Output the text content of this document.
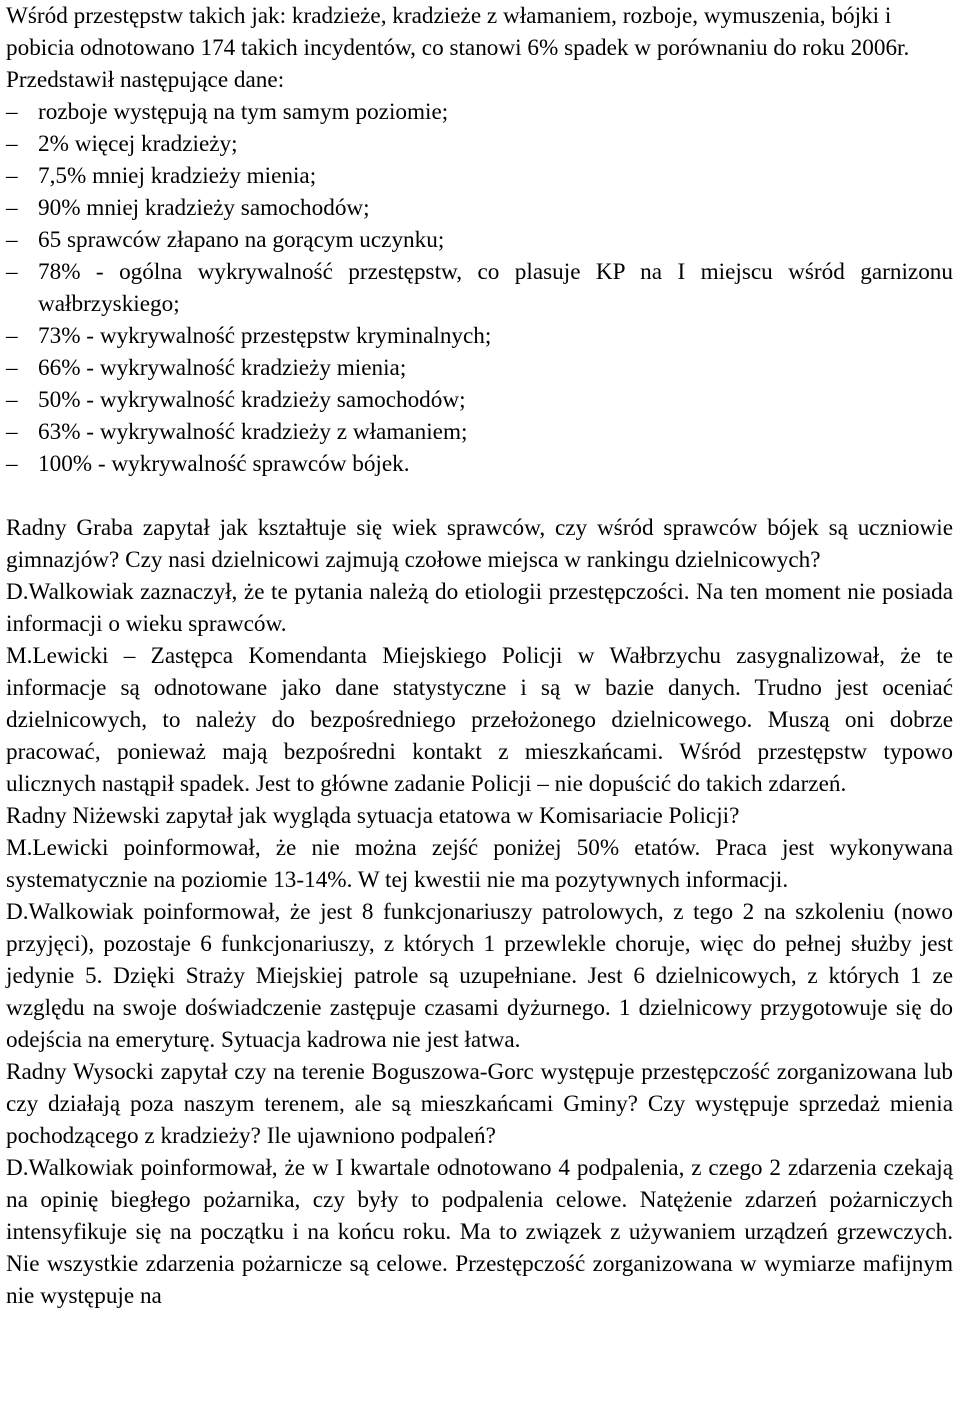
Wśród przestępstw takich jak: kradzieże, kradzieże z włamaniem, rozboje, wymuszenia, bójki i pobicia odnotowano 174 takich incydentów, co stanowi 6% spadek w porównaniu do roku 2006r. Przedstawił następujące dane:

– rozboje występują na tym samym poziomie;
– 2% więcej kradzieży;
– 7,5% mniej kradzieży mienia;
– 90% mniej kradzieży samochodów;
– 65 sprawców złapano na gorącym uczynku;
– 78% - ogólna wykrywalność przestępstw, co plasuje KP na I miejscu wśród garnizonu wałbrzyskiego;
– 73% - wykrywalność przestępstw kryminalnych;
– 66% - wykrywalność kradzieży mienia;
– 50% - wykrywalność kradzieży samochodów;
– 63% - wykrywalność kradzieży z włamaniem;
– 100% - wykrywalność sprawców bójek.

Radny Graba zapytał jak kształtuje się wiek sprawców, czy wśród sprawców bójek są uczniowie gimnazjów? Czy nasi dzielnicowi zajmują czołowe miejsca w rankingu dzielnicowych?

D.Walkowiak zaznaczył, że te pytania należą do etiologii przestępczości. Na ten moment nie posiada informacji o wieku sprawców.

M.Lewicki – Zastępca Komendanta Miejskiego Policji w Wałbrzychu zasygnalizował, że te informacje są odnotowane jako dane statystyczne i są w bazie danych. Trudno jest oceniać dzielnicowych, to należy do bezpośredniego przełożonego dzielnicowego. Muszą oni dobrze pracować, ponieważ mają bezpośredni kontakt z mieszkańcami. Wśród przestępstw typowo ulicznych nastąpił spadek. Jest to główne zadanie Policji – nie dopuścić do takich zdarzeń.

Radny Niżewski zapytał jak wygląda sytuacja etatowa w Komisariacie Policji?

M.Lewicki poinformował, że nie można zejść poniżej 50% etatów. Praca jest wykonywana systematycznie na poziomie 13-14%. W tej kwestii nie ma pozytywnych informacji.

D.Walkowiak poinformował, że jest 8 funkcjonariuszy patrolowych, z tego 2 na szkoleniu (nowo przyjęci), pozostaje 6 funkcjonariuszy, z których 1 przewlekle choruje, więc do pełnej służby jest jedynie 5. Dzięki Straży Miejskiej patrole są uzupełniane. Jest 6 dzielnicowych, z których 1 ze względu na swoje doświadczenie zastępuje czasami dyżurnego. 1 dzielnicowy przygotowuje się do odejścia na emeryturę. Sytuacja kadrowa nie jest łatwa.

Radny Wysocki zapytał czy na terenie Boguszowa-Gorc występuje przestępczość zorganizowana lub czy działają poza naszym terenem, ale są mieszkańcami Gminy? Czy występuje sprzedaż mienia pochodzącego z kradzieży? Ile ujawniono podpaleń?

D.Walkowiak poinformował, że w I kwartale odnotowano 4 podpalenia, z czego 2 zdarzenia czekają na opinię biegłego pożarnika, czy były to podpalenia celowe. Natężenie zdarzeń pożarniczych intensyfikuje się na początku i na końcu roku. Ma to związek z używaniem urządzeń grzewczych. Nie wszystkie zdarzenia pożarnicze są celowe. Przestępczość zorganizowana w wymiarze mafijnym nie występuje na
